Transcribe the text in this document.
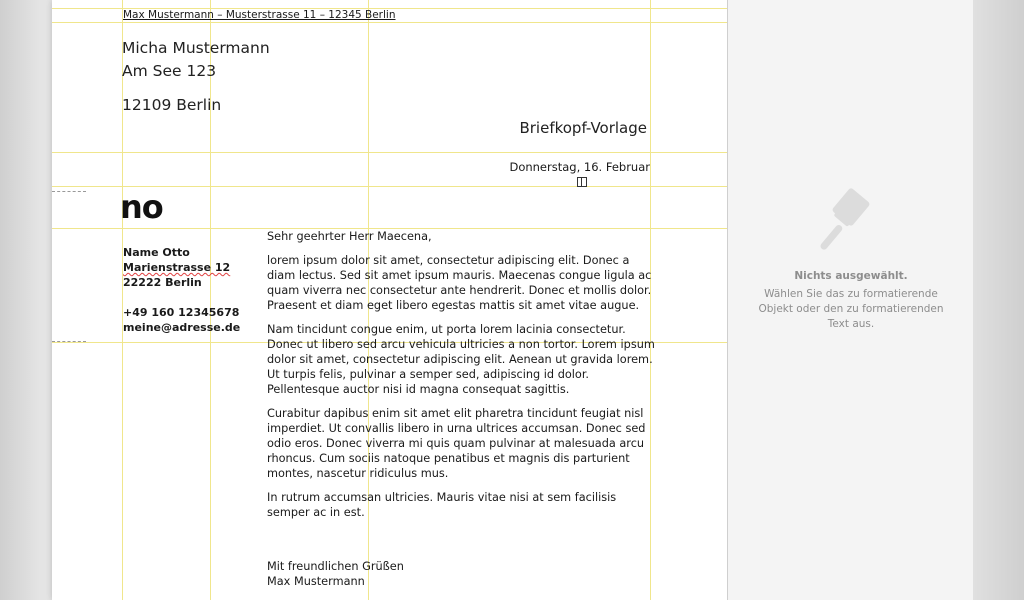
Max Mustermann – Musterstrasse 11 – 12345 Berlin
Micha Mustermann
Am See 123
12109 Berlin
Briefkopf-Vorlage
Donnerstag, 16. Februar
no
Name Otto
Marienstrasse 12
22222 Berlin
+49 160 12345678
meine@adresse.de

Sehr geehrter Herr Maecena,

lorem ipsum dolor sit amet, consectetur adipiscing elit. Donec a diam lectus. Sed sit amet ipsum mauris. Maecenas congue ligula ac quam viverra nec consectetur ante hendrerit. Donec et mollis dolor. Praesent et diam eget libero egestas mattis sit amet vitae augue.

Nam tincidunt congue enim, ut porta lorem lacinia consectetur. Donec ut libero sed arcu vehicula ultricies a non tortor. Lorem ipsum dolor sit amet, consectetur adipiscing elit. Aenean ut gravida lorem. Ut turpis felis, pulvinar a semper sed, adipiscing id dolor. Pellentesque auctor nisi id magna consequat sagittis.

Curabitur dapibus enim sit amet elit pharetra tincidunt feugiat nisl imperdiet. Ut convallis libero in urna ultrices accumsan. Donec sed odio eros. Donec viverra mi quis quam pulvinar at malesuada arcu rhoncus. Cum sociis natoque penatibus et magnis dis parturient montes, nascetur ridiculus mus.

In rutrum accumsan ultricies. Mauris vitae nisi at sem facilisis semper ac in est.

Mit freundlichen Grüßen

Max Mustermann

Nichts ausgewählt.
Wählen Sie das zu formatierende
Objekt oder den zu formatierenden
Text aus.
